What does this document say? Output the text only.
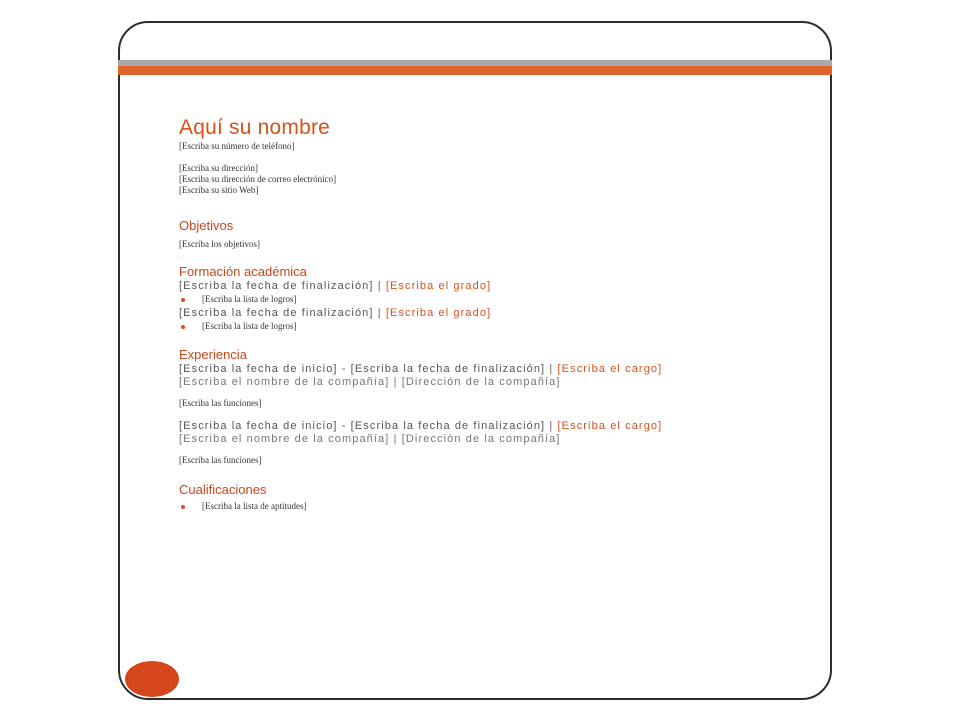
Aquí su nombre
[Escriba su número de teléfono]
[Escriba su dirección]
[Escriba su dirección de correo electrónico]
[Escriba su sitio Web]
Objetivos
[Escriba los objetivos]
Formación académica
[Escriba la fecha de finalización] | [Escriba el grado]
[Escriba la lista de logros]
[Escriba la fecha de finalización] | [Escriba el grado]
[Escriba la lista de logros]
Experiencia
[Escriba la fecha de inicio] - [Escriba la fecha de finalización] | [Escriba el cargo]
[Escriba el nombre de la compañía] | [Dirección de la compañía]
[Escriba las funciones]
[Escriba la fecha de inicio] - [Escriba la fecha de finalización] | [Escriba el cargo]
[Escriba el nombre de la compañía] | [Dirección de la compañía]
[Escriba las funciones]
Cualificaciones
[Escriba la lista de aptitudes]
